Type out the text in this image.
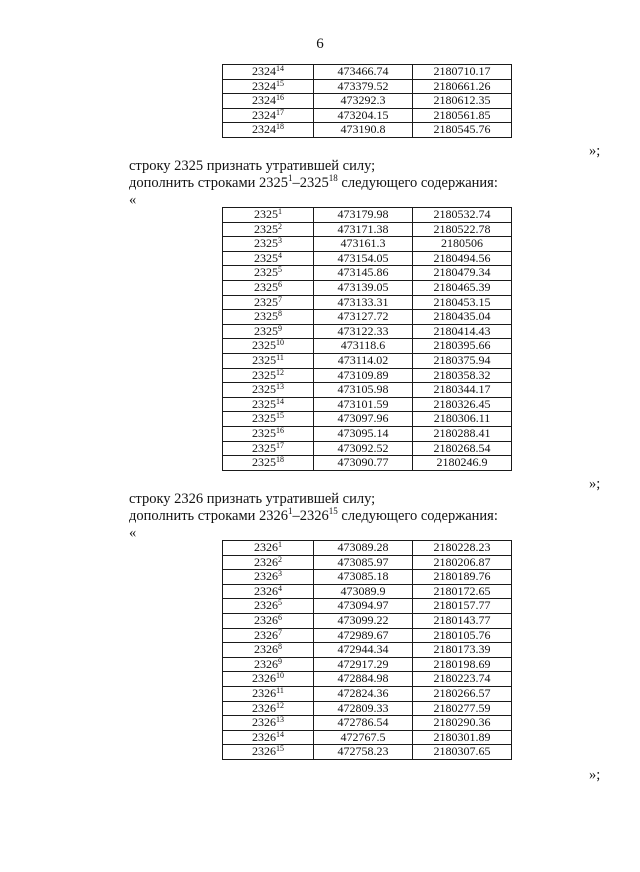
6
2324$^{14}$	473466.74	2180710.17
2324$^{15}$	473379.52	2180661.26
2324$^{16}$	473292.3	2180612.35
2324$^{17}$	473204.15	2180561.85
2324$^{18}$	473190.8	2180545.76
»;
строку 2325 признать утратившей силу;
дополнить строками 2325$^1$–2325$^{18}$ следующего содержания:
«
2325$^1$	473179.98	2180532.74
2325$^2$	473171.38	2180522.78
2325$^3$	473161.3	2180506
2325$^4$	473154.05	2180494.56
2325$^5$	473145.86	2180479.34
2325$^6$	473139.05	2180465.39
2325$^7$	473133.31	2180453.15
2325$^8$	473127.72	2180435.04
2325$^9$	473122.33	2180414.43
2325$^{10}$	473118.6	2180395.66
2325$^{11}$	473114.02	2180375.94
2325$^{12}$	473109.89	2180358.32
2325$^{13}$	473105.98	2180344.17
2325$^{14}$	473101.59	2180326.45
2325$^{15}$	473097.96	2180306.11
2325$^{16}$	473095.14	2180288.41
2325$^{17}$	473092.52	2180268.54
2325$^{18}$	473090.77	2180246.9
»;
строку 2326 признать утратившей силу;
дополнить строками 2326$^1$–2326$^{15}$ следующего содержания:
«
2326$^1$	473089.28	2180228.23
2326$^2$	473085.97	2180206.87
2326$^3$	473085.18	2180189.76
2326$^4$	473089.9	2180172.65
2326$^5$	473094.97	2180157.77
2326$^6$	473099.22	2180143.77
2326$^7$	472989.67	2180105.76
2326$^8$	472944.34	2180173.39
2326$^9$	472917.29	2180198.69
2326$^{10}$	472884.98	2180223.74
2326$^{11}$	472824.36	2180266.57
2326$^{12}$	472809.33	2180277.59
2326$^{13}$	472786.54	2180290.36
2326$^{14}$	472767.5	2180301.89
2326$^{15}$	472758.23	2180307.65
»;
